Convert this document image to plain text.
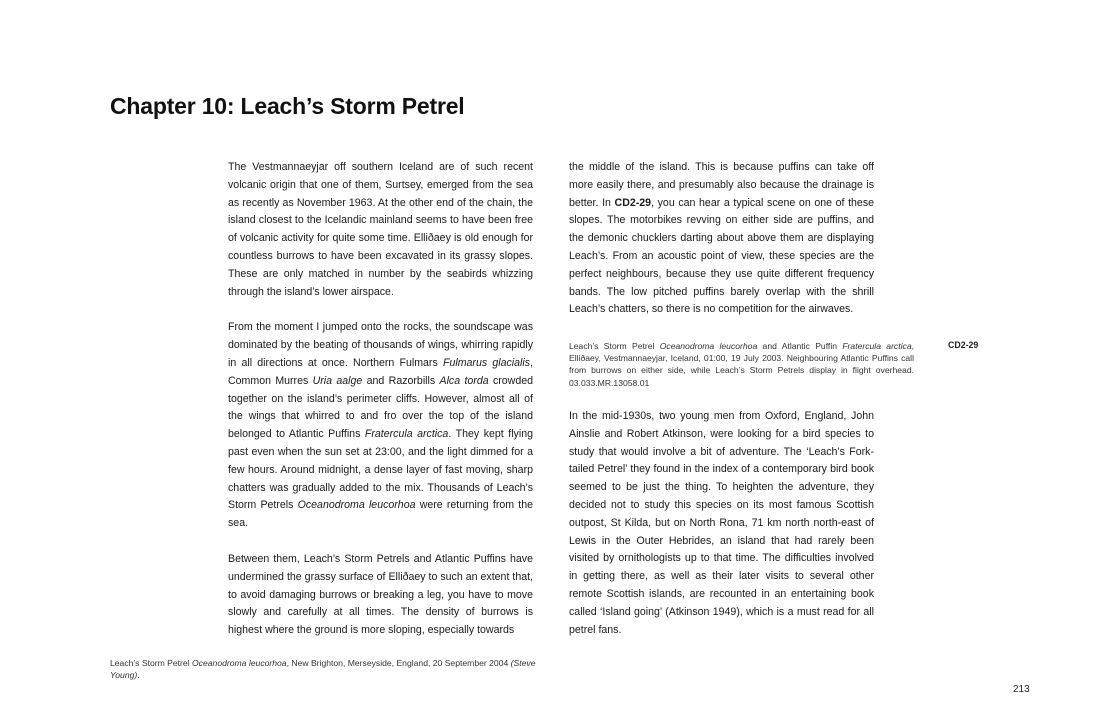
Chapter 10: Leach’s Storm Petrel

The Vestmannaeyjar off southern Iceland are of such recent volcanic origin that one of them, Surtsey, emerged from the sea as recently as November 1963. At the other end of the chain, the island closest to the Icelandic mainland seems to have been free of volcanic activity for quite some time. Elliðaey is old enough for countless burrows to have been excavated in its grassy slopes. These are only matched in number by the seabirds whizzing through the island’s lower airspace.

From the moment I jumped onto the rocks, the soundscape was dominated by the beating of thousands of wings, whirring rapidly in all directions at once. Northern Fulmars Fulmarus glacialis, Common Murres Uria aalge and Razorbills Alca torda crowded together on the island’s perimeter cliffs. However, almost all of the wings that whirred to and fro over the top of the island belonged to Atlantic Puffins Fratercula arctica. They kept flying past even when the sun set at 23:00, and the light dimmed for a few hours. Around midnight, a dense layer of fast moving, sharp chatters was gradually added to the mix. Thousands of Leach’s Storm Petrels Oceanodroma leucorhoa were returning from the sea.

Between them, Leach’s Storm Petrels and Atlantic Puffins have undermined the grassy surface of Elliðaey to such an extent that, to avoid damaging burrows or breaking a leg, you have to move slowly and carefully at all times. The density of burrows is highest where the ground is more sloping, especially towards

the middle of the island. This is because puffins can take off more easily there, and presumably also because the drainage is better. In CD2-29, you can hear a typical scene on one of these slopes. The motorbikes revving on either side are puffins, and the demonic chucklers darting about above them are displaying Leach’s. From an acoustic point of view, these species are the perfect neighbours, because they use quite different frequency bands. The low pitched puffins barely overlap with the shrill Leach’s chatters, so there is no competition for the airwaves.

Leach’s Storm Petrel Oceanodroma leucorhoa and Atlantic Puffin Fratercula arctica, Elliðaey, Vestmannaeyjar, Iceland, 01:00, 19 July 2003. Neighbouring Atlantic Puffins call from burrows on either side, while Leach’s Storm Petrels display in flight overhead. 03.033.MR.13058.01
CD2-29

In the mid-1930s, two young men from Oxford, England, John Ainslie and Robert Atkinson, were looking for a bird species to study that would involve a bit of adventure. The ‘Leach’s Fork-tailed Petrel’ they found in the index of a contemporary bird book seemed to be just the thing. To heighten the adventure, they decided not to study this species on its most famous Scottish outpost, St Kilda, but on North Rona, 71 km north north-east of Lewis in the Outer Hebrides, an island that had rarely been visited by ornithologists up to that time. The difficulties involved in getting there, as well as their later visits to several other remote Scottish islands, are recounted in an entertaining book called ‘Island going’ (Atkinson 1949), which is a must read for all petrel fans.

Leach’s Storm Petrel Oceanodroma leucorhoa, New Brighton, Merseyside, England, 20 September 2004 (Steve Young).
213
